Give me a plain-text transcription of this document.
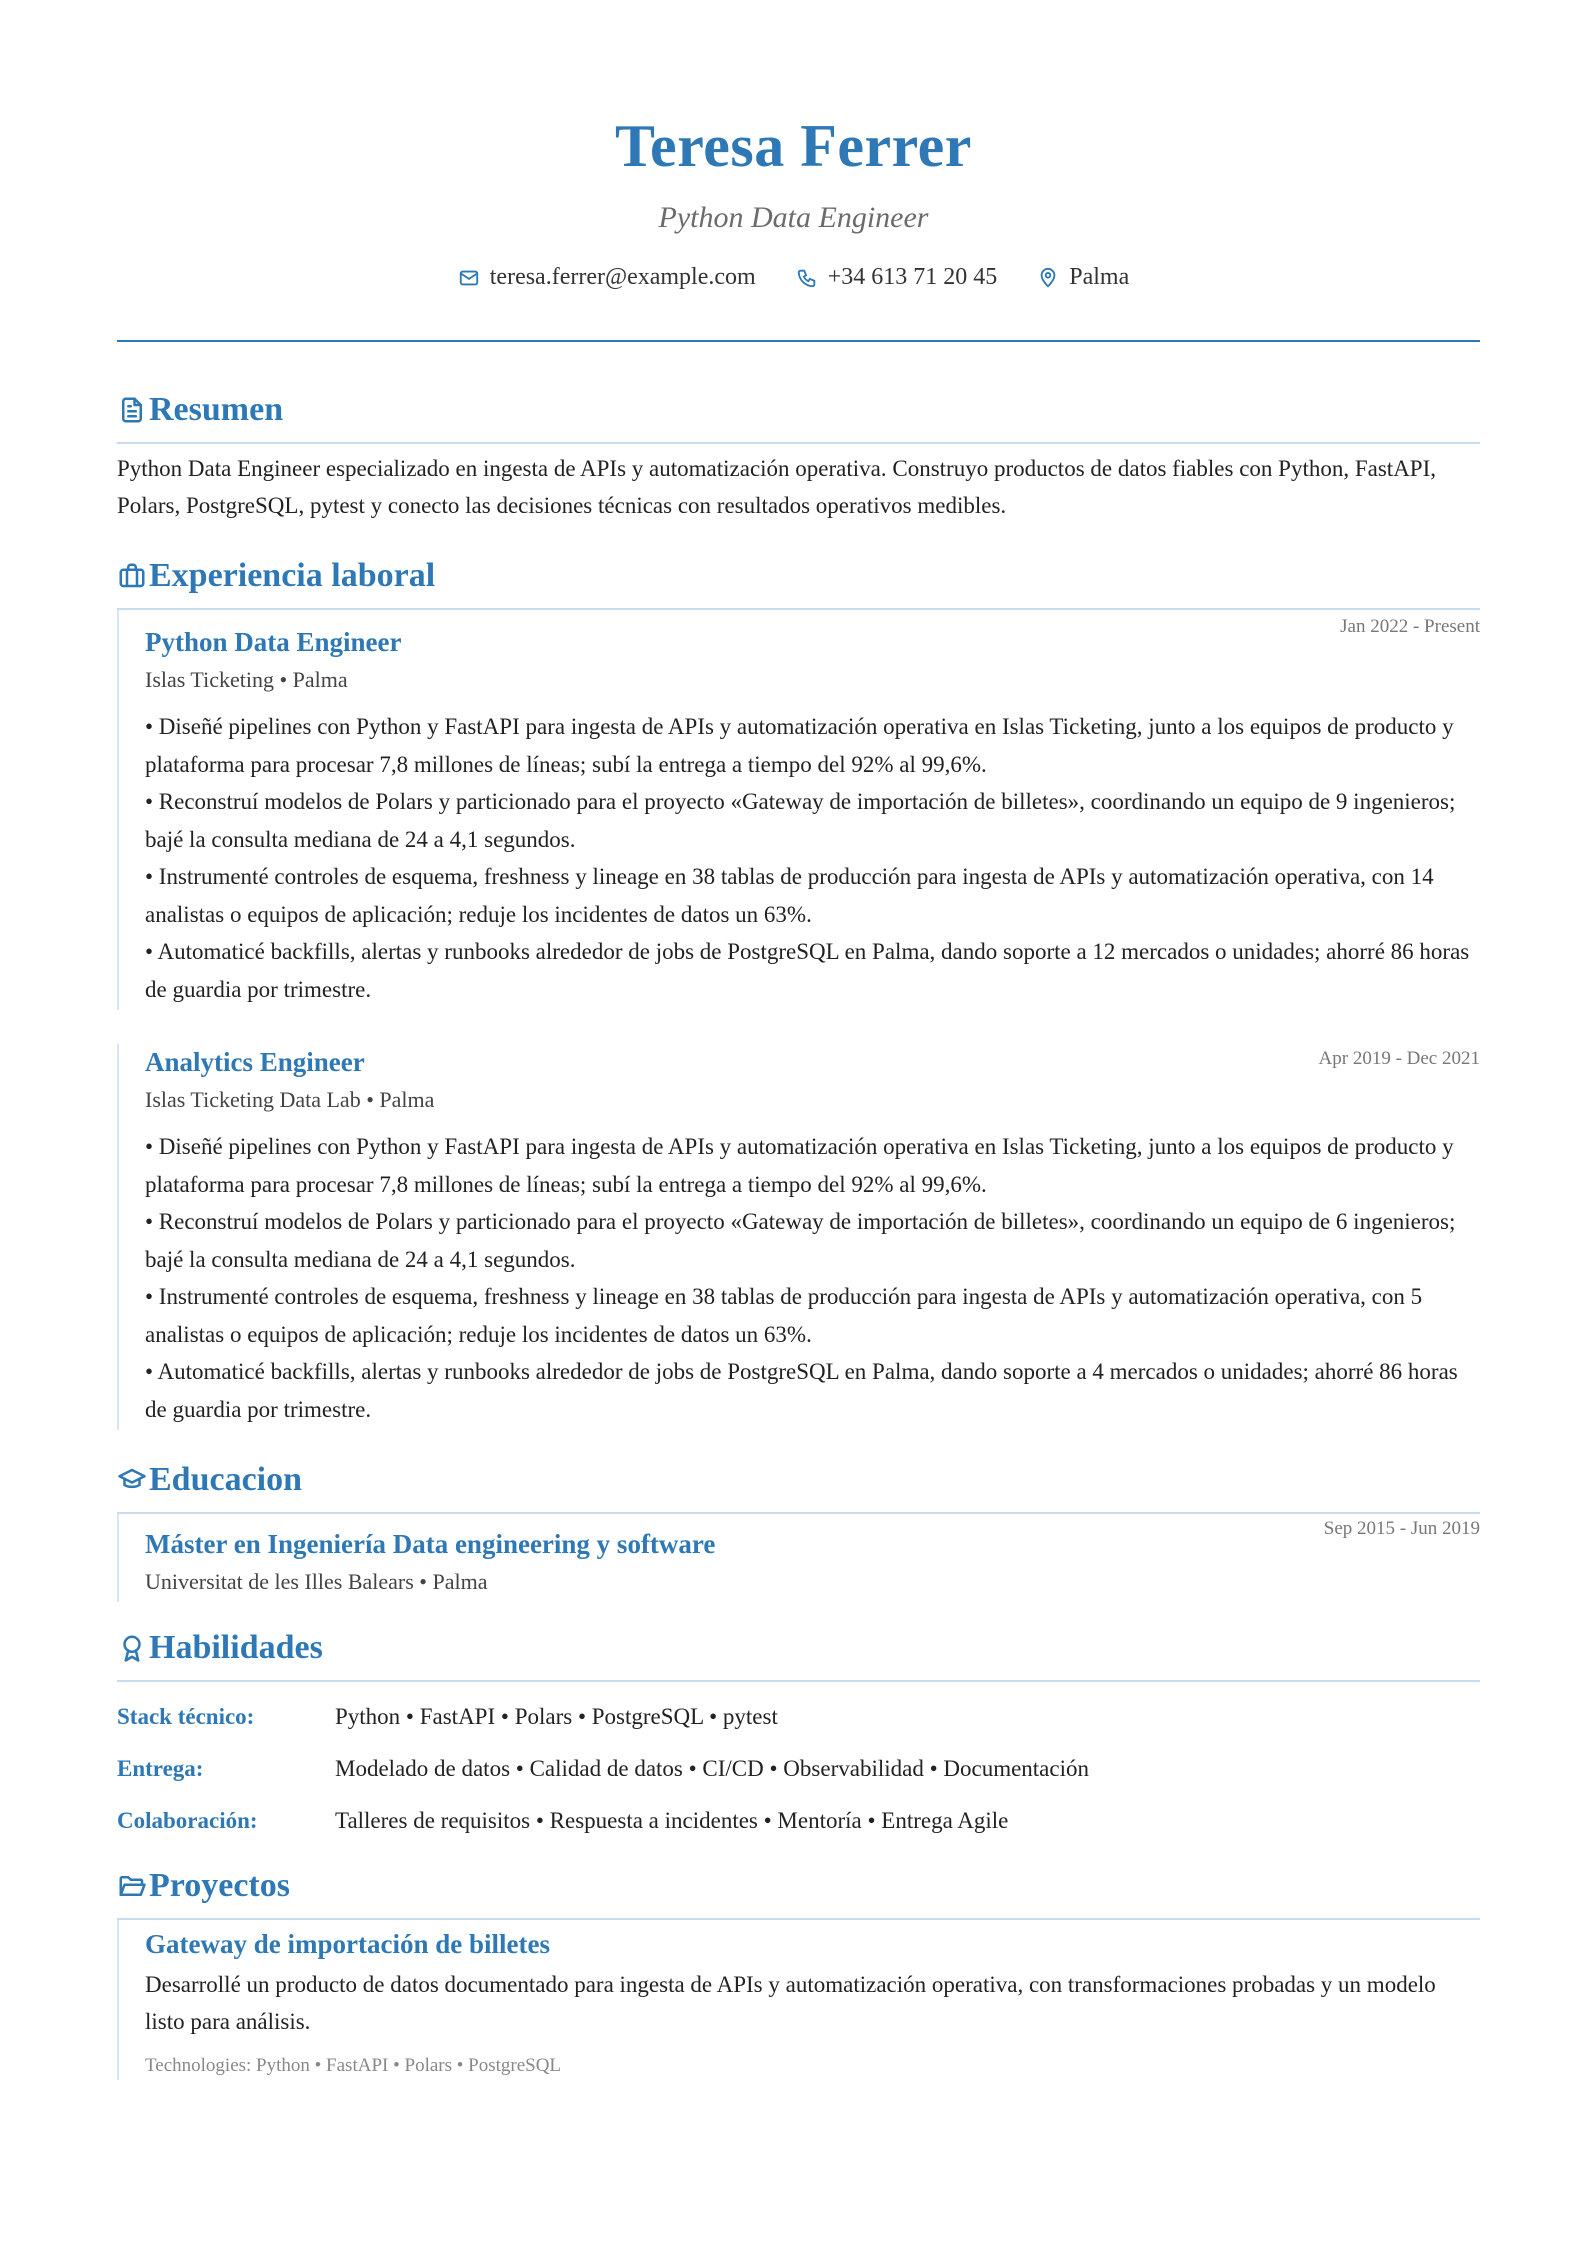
Teresa Ferrer
Python Data Engineer
teresa.ferrer@example.com	+34 613 71 20 45	Palma
Resumen
Python Data Engineer especializado en ingesta de APIs y automatización operativa. Construyo productos de datos fiables con Python, FastAPI, Polars, PostgreSQL, pytest y conecto las decisiones técnicas con resultados operativos medibles.
Experiencia laboral
Jan 2022 - Present
Python Data Engineer
Islas Ticketing • Palma
• Diseñé pipelines con Python y FastAPI para ingesta de APIs y automatización operativa en Islas Ticketing, junto a los equipos de producto y plataforma para procesar 7,8 millones de líneas; subí la entrega a tiempo del 92% al 99,6%.
• Reconstruí modelos de Polars y particionado para el proyecto «Gateway de importación de billetes», coordinando un equipo de 9 ingenieros; bajé la consulta mediana de 24 a 4,1 segundos.
• Instrumenté controles de esquema, freshness y lineage en 38 tablas de producción para ingesta de APIs y automatización operativa, con 14 analistas o equipos de aplicación; reduje los incidentes de datos un 63%.
• Automaticé backfills, alertas y runbooks alrededor de jobs de PostgreSQL en Palma, dando soporte a 12 mercados o unidades; ahorré 86 horas de guardia por trimestre.
Apr 2019 - Dec 2021
Analytics Engineer
Islas Ticketing Data Lab • Palma
• Diseñé pipelines con Python y FastAPI para ingesta de APIs y automatización operativa en Islas Ticketing, junto a los equipos de producto y plataforma para procesar 7,8 millones de líneas; subí la entrega a tiempo del 92% al 99,6%.
• Reconstruí modelos de Polars y particionado para el proyecto «Gateway de importación de billetes», coordinando un equipo de 6 ingenieros; bajé la consulta mediana de 24 a 4,1 segundos.
• Instrumenté controles de esquema, freshness y lineage en 38 tablas de producción para ingesta de APIs y automatización operativa, con 5 analistas o equipos de aplicación; reduje los incidentes de datos un 63%.
• Automaticé backfills, alertas y runbooks alrededor de jobs de PostgreSQL en Palma, dando soporte a 4 mercados o unidades; ahorré 86 horas de guardia por trimestre.
Educacion
Sep 2015 - Jun 2019
Máster en Ingeniería Data engineering y software
Universitat de les Illes Balears • Palma
Habilidades
Stack técnico:	Python • FastAPI • Polars • PostgreSQL • pytest
Entrega:	Modelado de datos • Calidad de datos • CI/CD • Observabilidad • Documentación
Colaboración:	Talleres de requisitos • Respuesta a incidentes • Mentoría • Entrega Agile
Proyectos
Gateway de importación de billetes
Desarrollé un producto de datos documentado para ingesta de APIs y automatización operativa, con transformaciones probadas y un modelo listo para análisis.
Technologies: Python • FastAPI • Polars • PostgreSQL
